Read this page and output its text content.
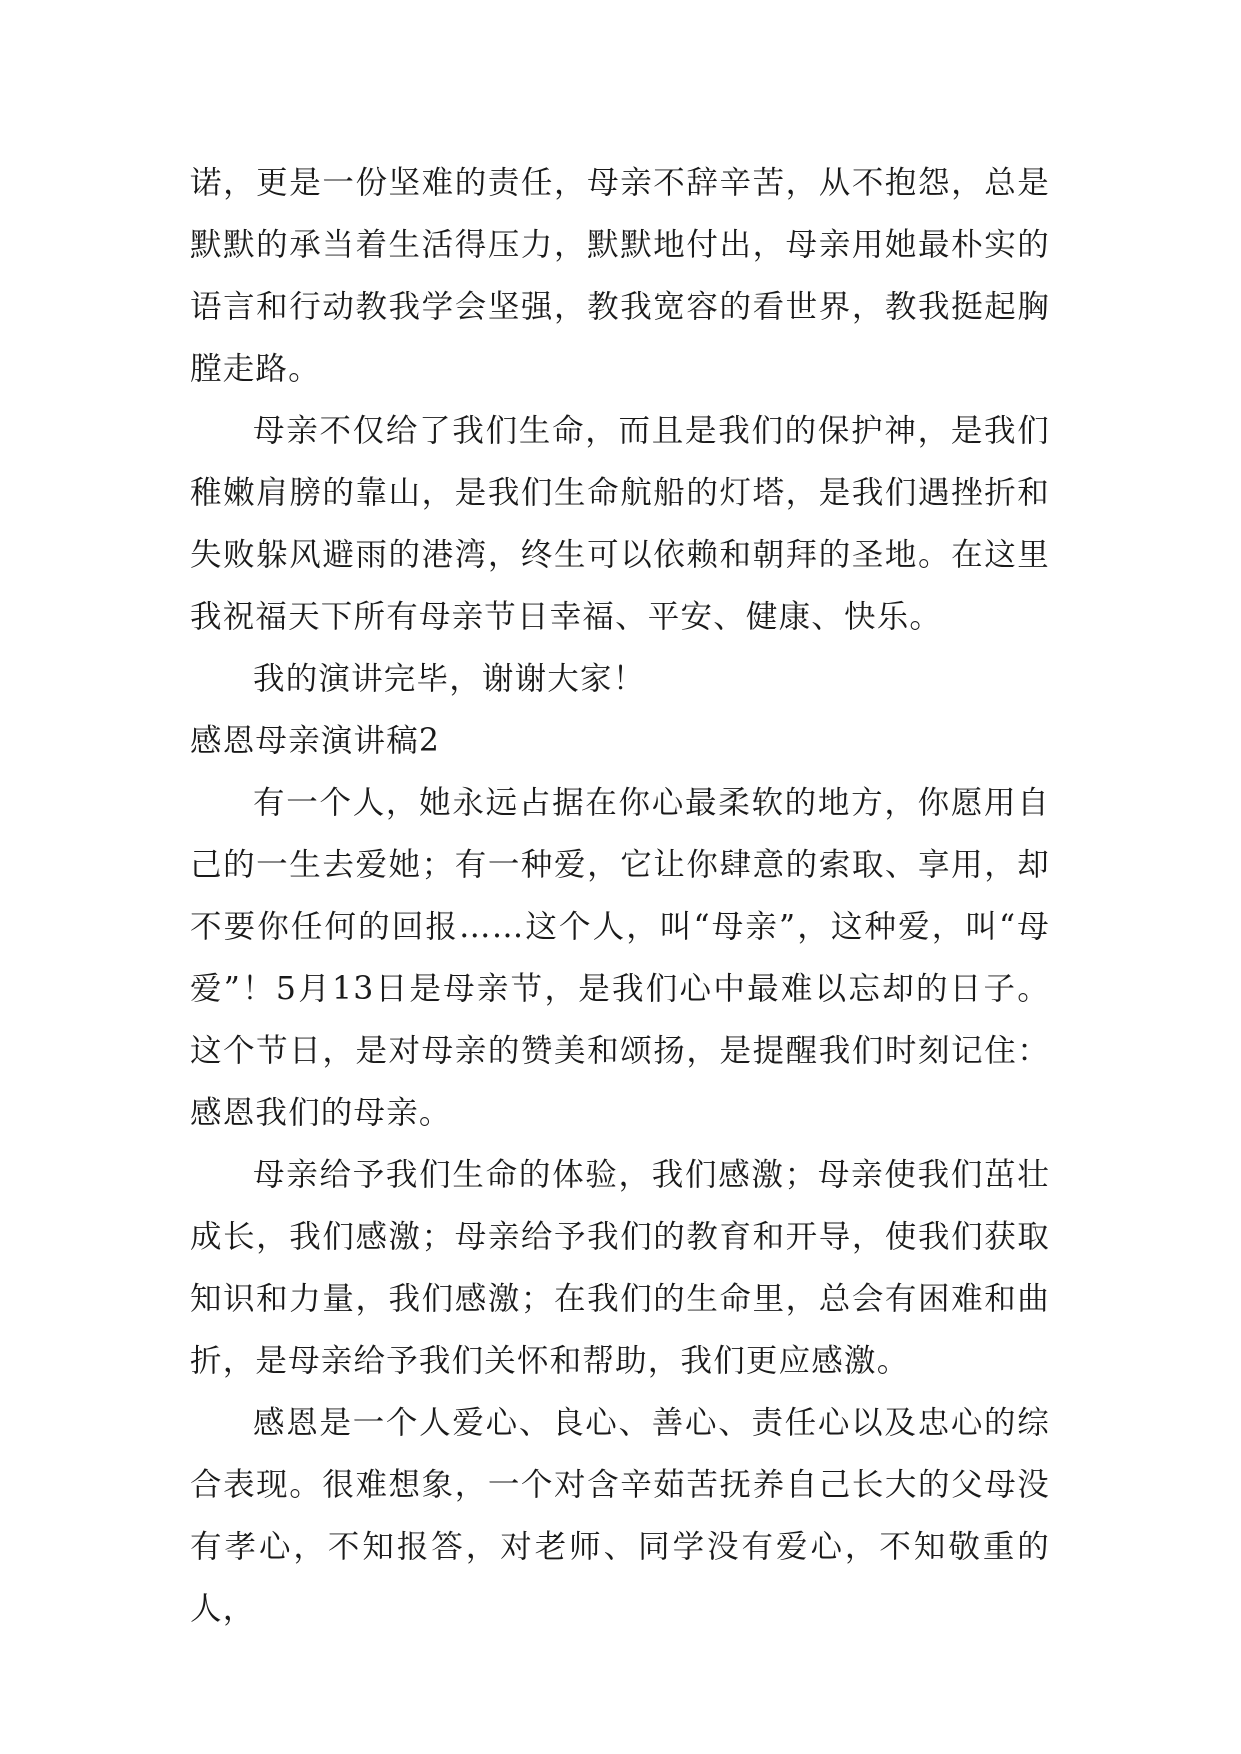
诺，更是一份坚难的责任，母亲不辞辛苦，从不抱怨，总是默默的承当着生活得压力，默默地付出，母亲用她最朴实的语言和行动教我学会坚强，教我宽容的看世界，教我挺起胸膛走路。

母亲不仅给了我们生命，而且是我们的保护神，是我们稚嫩肩膀的靠山，是我们生命航船的灯塔，是我们遇挫折和失败躲风避雨的港湾，终生可以依赖和朝拜的圣地。在这里我祝福天下所有母亲节日幸福、平安、健康、快乐。

我的演讲完毕，谢谢大家！

感恩母亲演讲稿2

有一个人，她永远占据在你心最柔软的地方，你愿用自己的一生去爱她；有一种爱，它让你肆意的索取、享用，却不要你任何的回报……这个人，叫“母亲”，这种爱，叫“母爱”！5月13日是母亲节，是我们心中最难以忘却的日子。这个节日，是对母亲的赞美和颂扬，是提醒我们时刻记住：感恩我们的母亲。

母亲给予我们生命的体验，我们感激；母亲使我们茁壮成长，我们感激；母亲给予我们的教育和开导，使我们获取知识和力量，我们感激；在我们的生命里，总会有困难和曲折，是母亲给予我们关怀和帮助，我们更应感激。

感恩是一个人爱心、良心、善心、责任心以及忠心的综合表现。很难想象，一个对含辛茹苦抚养自己长大的父母没有孝心，不知报答，对老师、同学没有爱心，不知敬重的人，
